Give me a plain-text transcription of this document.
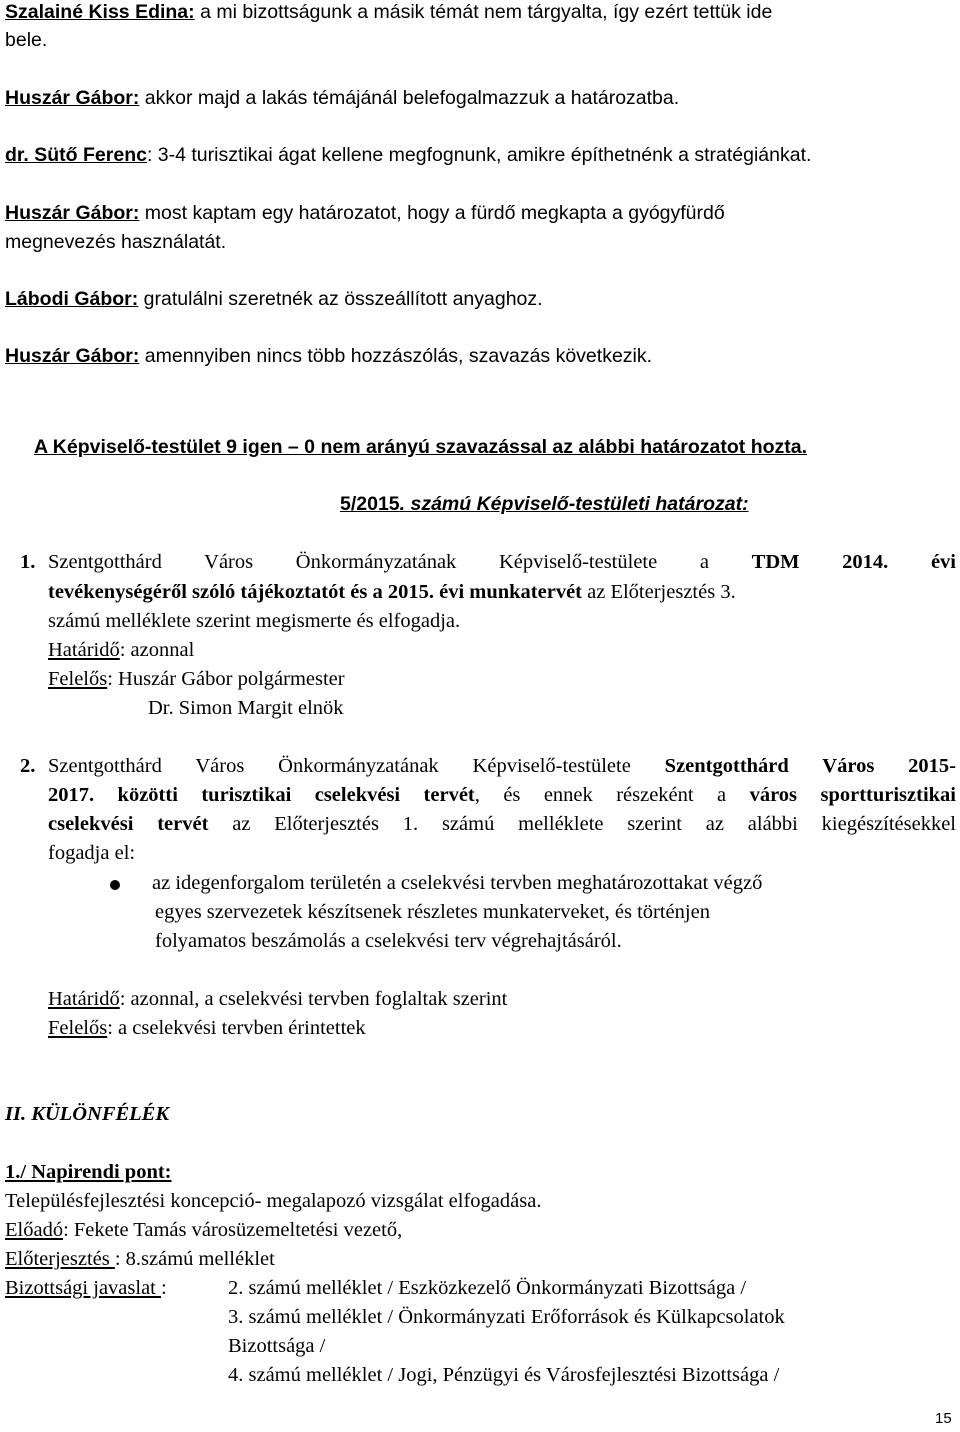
Szalainé Kiss Edina: a mi bizottságunk a másik témát nem tárgyalta, így ezért tettük ide

bele.

Huszár Gábor: akkor majd a lakás témájánál belefogalmazzuk a határozatba.

dr. Sütő Ferenc: 3-4 turisztikai ágat kellene megfognunk, amikre építhetnénk a stratégiánkat.

Huszár Gábor: most kaptam egy határozatot, hogy a fürdő megkapta a gyógyfürdő

megnevezés használatát.

Lábodi Gábor: gratulálni szeretnék az összeállított anyaghoz.

Huszár Gábor: amennyiben nincs több hozzászólás, szavazás következik.

A Képviselő-testület 9 igen – 0 nem arányú szavazással az alábbi határozatot hozta.

5/2015. számú Képviselő-testületi határozat:

1. Szentgotthárd Város Önkormányzatának Képviselő-testülete a TDM 2014. évi

tevékenységéről szóló tájékoztatót és a 2015. évi munkatervét az Előterjesztés 3.

számú melléklete szerint megismerte és elfogadja.

Határidő: azonnal

Felelős: Huszár Gábor polgármester

Dr. Simon Margit elnök

2. Szentgotthárd Város Önkormányzatának Képviselő-testülete Szentgotthárd Város 2015-

2017. közötti turisztikai cselekvési tervét, és ennek részeként a város sportturisztikai

cselekvési tervét az Előterjesztés 1. számú melléklete szerint az alábbi kiegészítésekkel

fogadja el:

az idegenforgalom területén a cselekvési tervben meghatározottakat végző

egyes szervezetek készítsenek részletes munkaterveket, és történjen

folyamatos beszámolás a cselekvési terv végrehajtásáról.

Határidő: azonnal, a cselekvési tervben foglaltak szerint

Felelős: a cselekvési tervben érintettek

II. KÜLÖNFÉLÉK

1./ Napirendi pont:

Településfejlesztési koncepció- megalapozó vizsgálat elfogadása.

Előadó: Fekete Tamás városüzemeltetési vezető,

Előterjesztés : 8.számú melléklet

Bizottsági javaslat :	2. számú melléklet / Eszközkezelő Önkormányzati Bizottsága /

3. számú melléklet / Önkormányzati Erőforrások és Külkapcsolatok

Bizottsága /

4. számú melléklet / Jogi, Pénzügyi és Városfejlesztési Bizottsága /

15
